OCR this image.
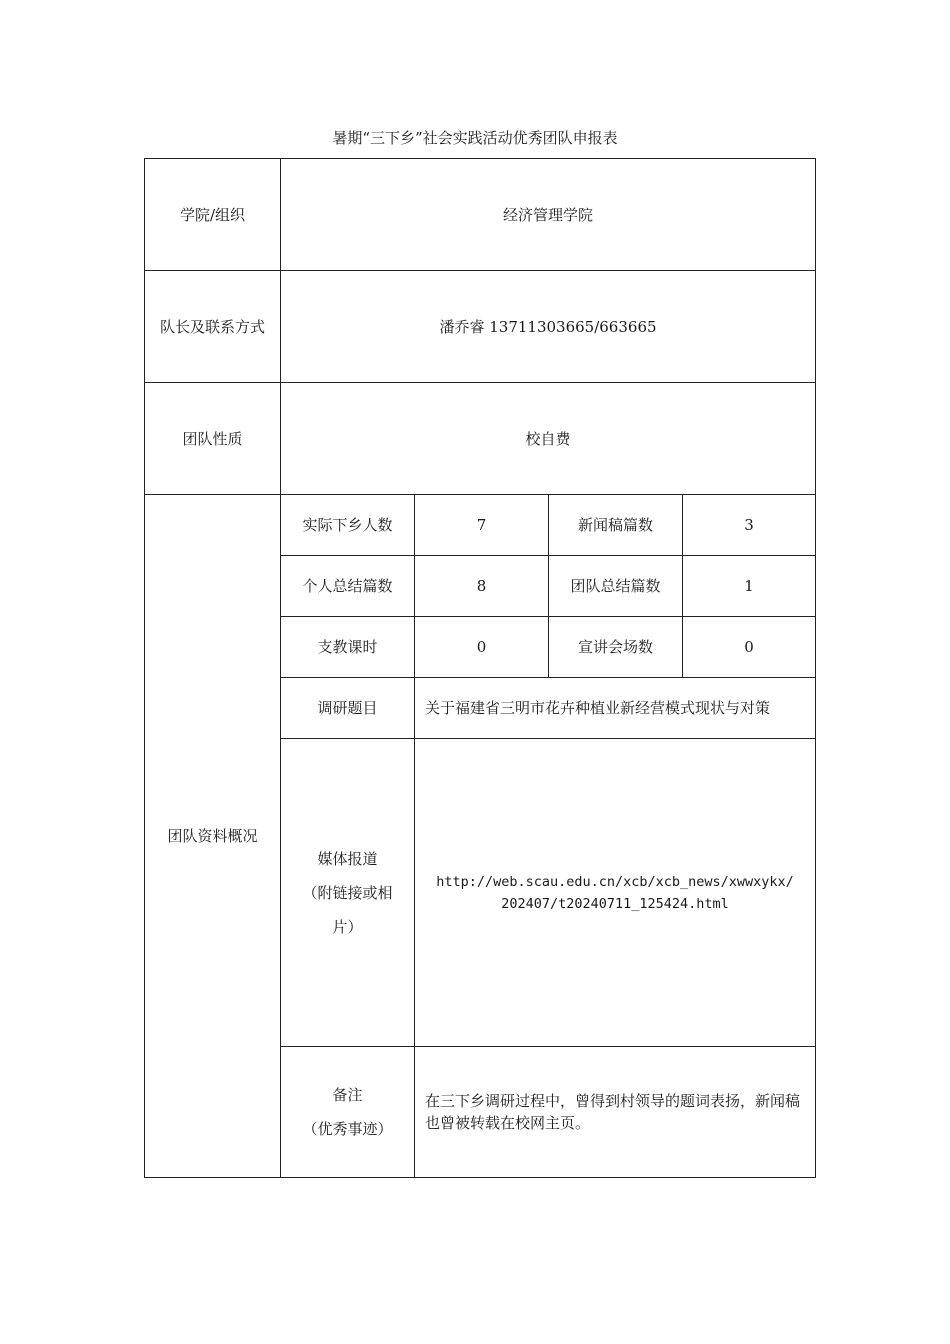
暑期“三下乡”社会实践活动优秀团队申报表
学院/组织	经济管理学院			
队长及联系方式	潘乔睿 13711303665/663665			
团队性质	校自费			
团队资料概况	实际下乡人数	7	新闻稿篇数	3
	个人总结篇数	8	团队总结篇数	1
	支教课时	0	宣讲会场数	0
	调研题目	关于福建省三明市花卉种植业新经营模式现状与对策		

	媒体报道
（附链接或相
片）	http://web.scau.edu.cn/xcb/xcb_news/xwwxykx/
202407/t20240711_125424.html		

	备注
（优秀事迹）	在三下乡调研过程中，曾得到村领导的题词表扬，新闻稿也曾被转载在校网主页。		
